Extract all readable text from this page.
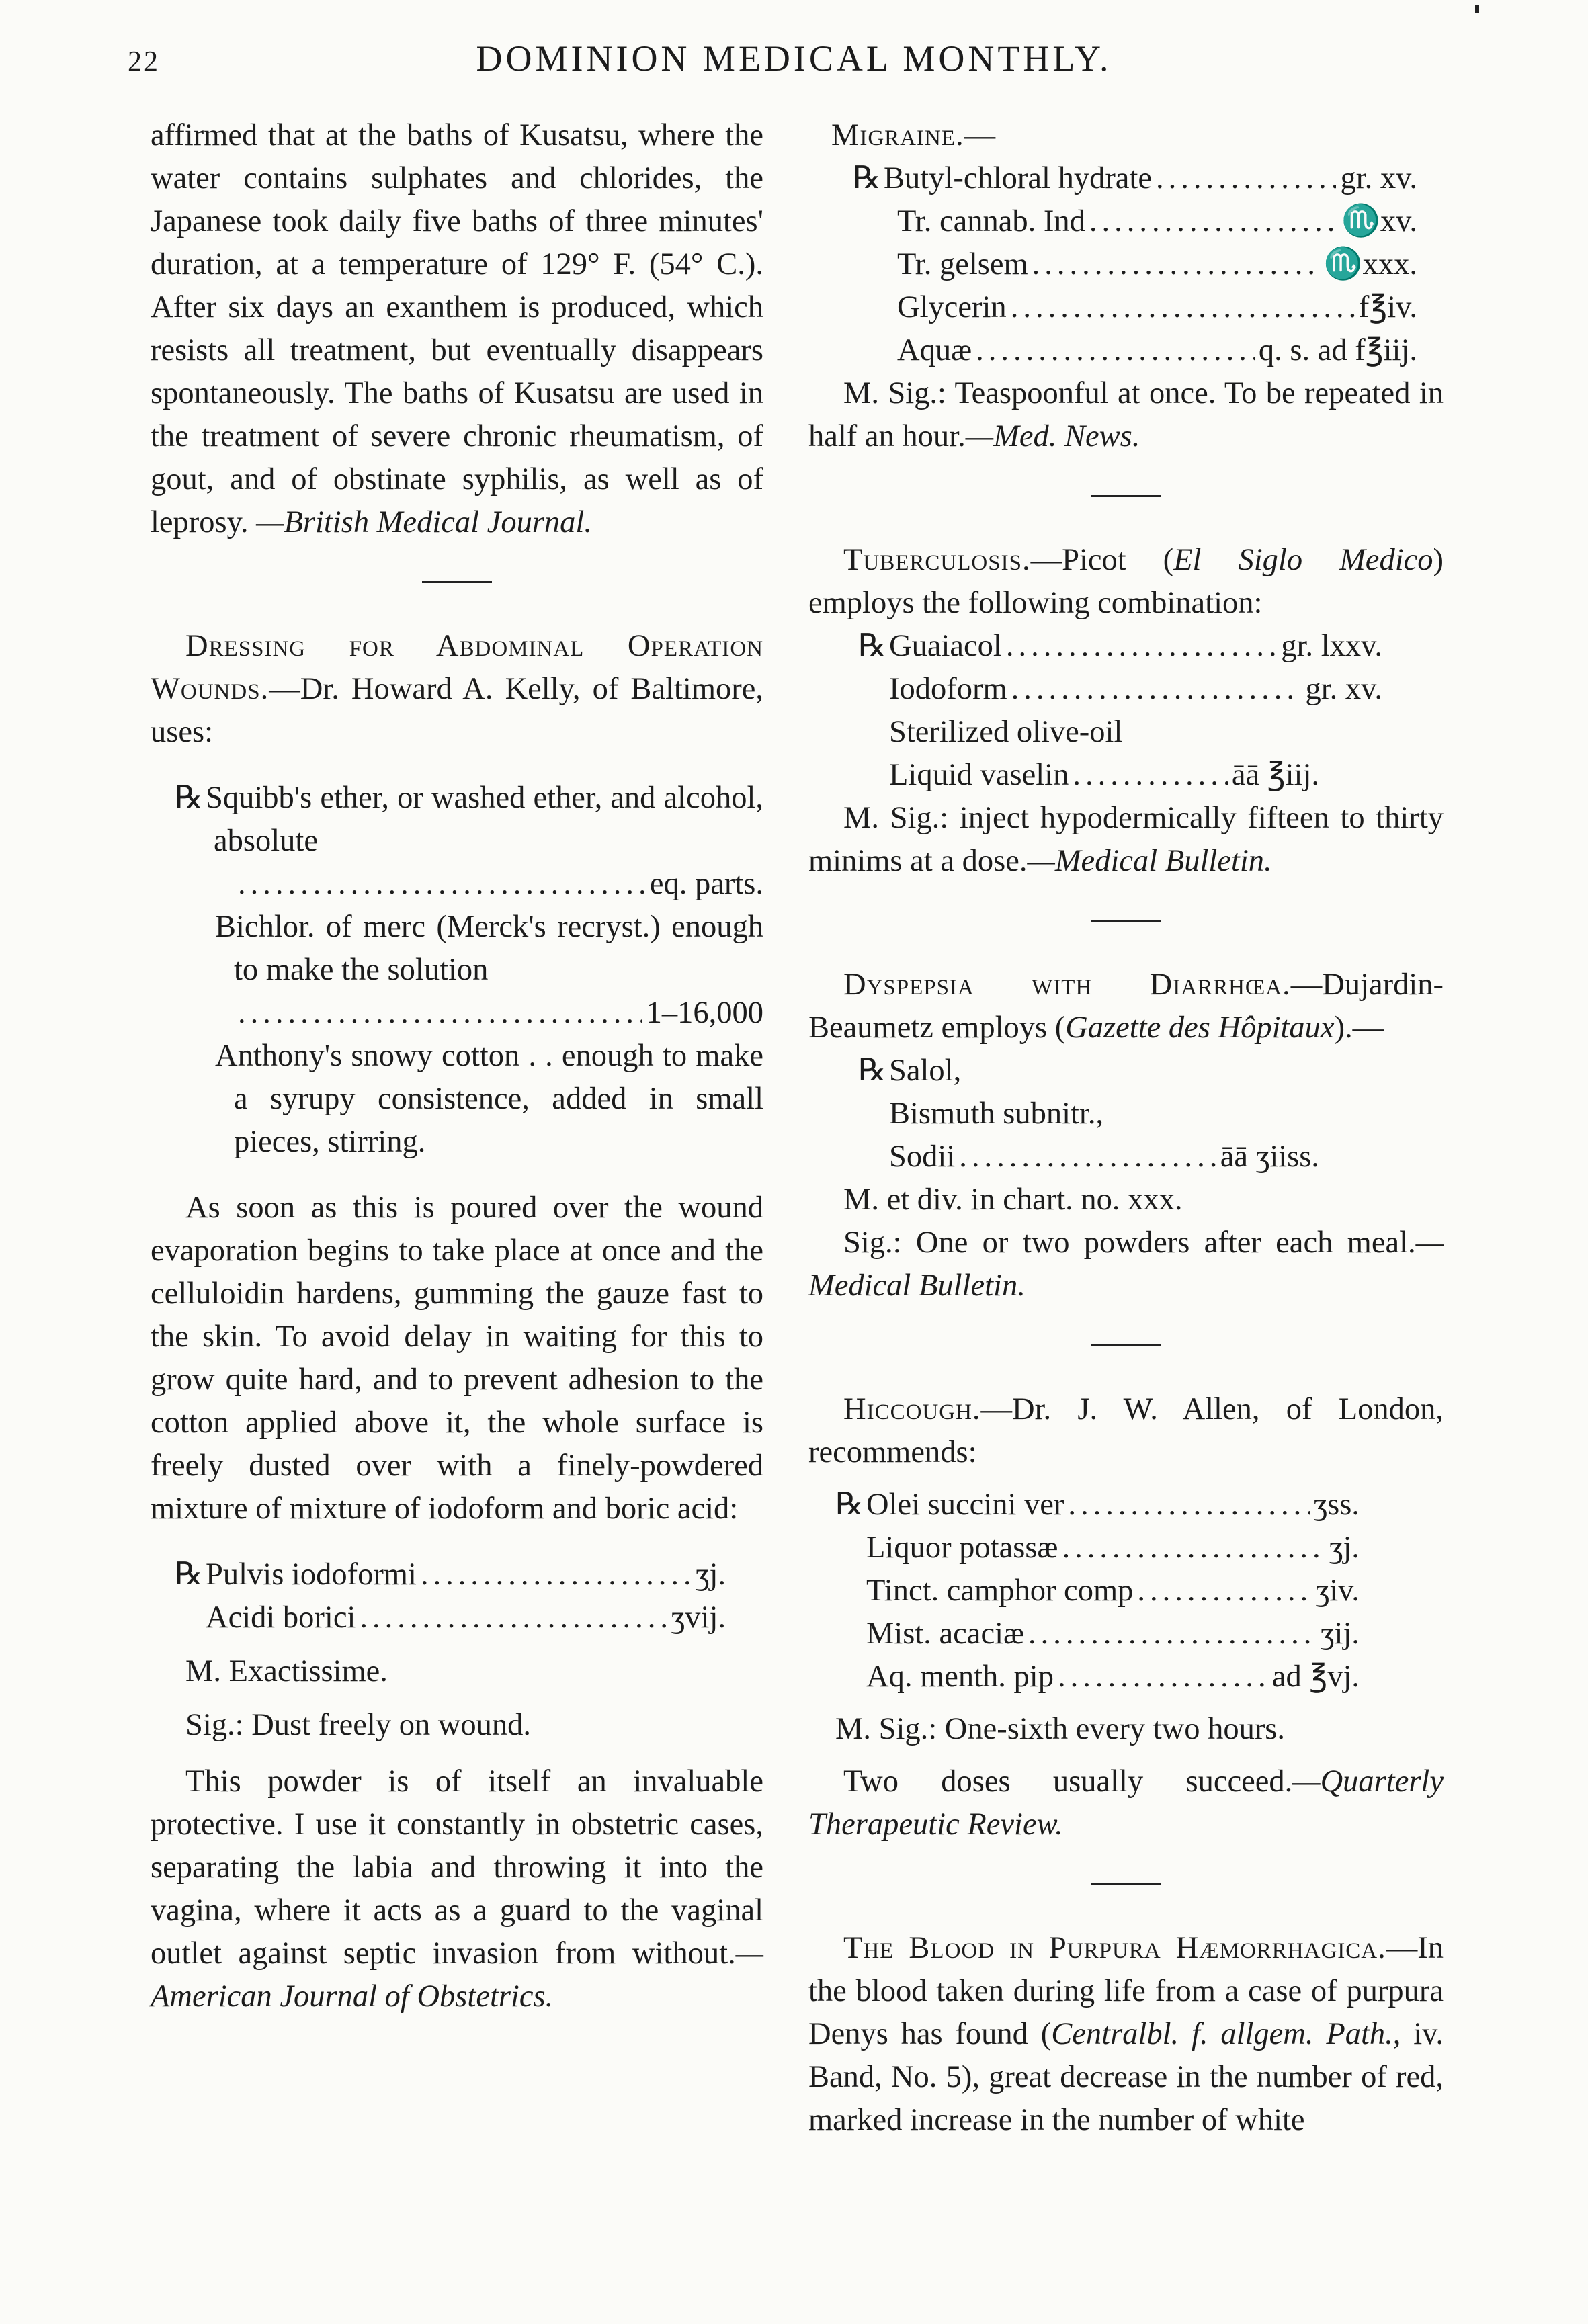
22	DOMINION MEDICAL MONTHLY.

affirmed that at the baths of Kusatsu, where the water contains sulphates and chlorides, the Japanese took daily five baths of three minutes' duration, at a temperature of 129° F. (54° C.). After six days an exanthem is produced, which resists all treatment, but eventually disappears spontaneously. The baths of Kusatsu are used in the treatment of severe chronic rheumatism, of gout, and of obstinate syphilis, as well as of leprosy. —British Medical Journal.

Dressing for Abdominal Operation Wounds.—Dr. Howard A. Kelly, of Baltimore, uses:

℞Squibb's ether, or washed ether, and alcohol, absolute
.....
eq. parts.
Bichlor. of merc (Merck's recryst.) enough to make the solution
.....
1–16,000
Anthony's snowy cotton . . enough to make a syrupy consistence, added in small pieces, stirring.

As soon as this is poured over the wound evaporation begins to take place at once and the celluloidin hardens, gumming the gauze fast to the skin. To avoid delay in waiting for this to grow quite hard, and to prevent adhesion to the cotton applied above it, the whole surface is freely dusted over with a finely-powdered mixture of mixture of iodoform and boric acid:

℞ Pulvis iodoformi .....	ʒj.
Acidi borici .....	ʒvij.

M. Exactissime.

Sig.: Dust freely on wound.

This powder is of itself an invaluable protective. I use it constantly in obstetric cases, separating the labia and throwing it into the vagina, where it acts as a guard to the vaginal outlet against septic invasion from without.—American Journal of Obstetrics.

Migraine.—

℞ Butyl-chloral hydrate .....	gr. xv.
Tr. cannab. Ind .....	♏xv.
Tr. gelsem .....	♏xxx.
Glycerin .....	f℥iv.
Aquæ .....	q. s. ad f℥iij.

M. Sig.: Teaspoonful at once. To be repeated in half an hour.—Med. News.

Tuberculosis.—Picot (El Siglo Medico) employs the following combination:

℞ Guaiacol .....	gr. lxxv.
Iodoform .....	gr. xv.
Sterilized olive-oil
Liquid vaselin .....	āā ℥iij.

M. Sig.: inject hypodermically fifteen to thirty minims at a dose.—Medical Bulletin.

Dyspepsia with Diarrhœa.—Dujardin-Beaumetz employs (Gazette des Hôpitaux).—

℞Salol,
Bismuth subnitr.,
Sodii .....	āā ʒiiss.

M. et div. in chart. no. xxx.

Sig.: One or two powders after each meal.—Medical Bulletin.

Hiccough.—Dr. J. W. Allen, of London, recommends:

℞ Olei succini ver .....	ʒss.
Liquor potassæ .....	ʒj.
Tinct. camphor comp .....	ʒiv.
Mist. acaciæ .....	ʒij.
Aq. menth. pip .....	ad ℥vj.

M. Sig.: One-sixth every two hours.

Two doses usually succeed.—Quarterly Therapeutic Review.

The Blood in Purpura Hæmorrhagica.—In the blood taken during life from a case of purpura Denys has found (Centralbl. f. allgem. Path., iv. Band, No. 5), great decrease in the number of red, marked increase in the number of white
